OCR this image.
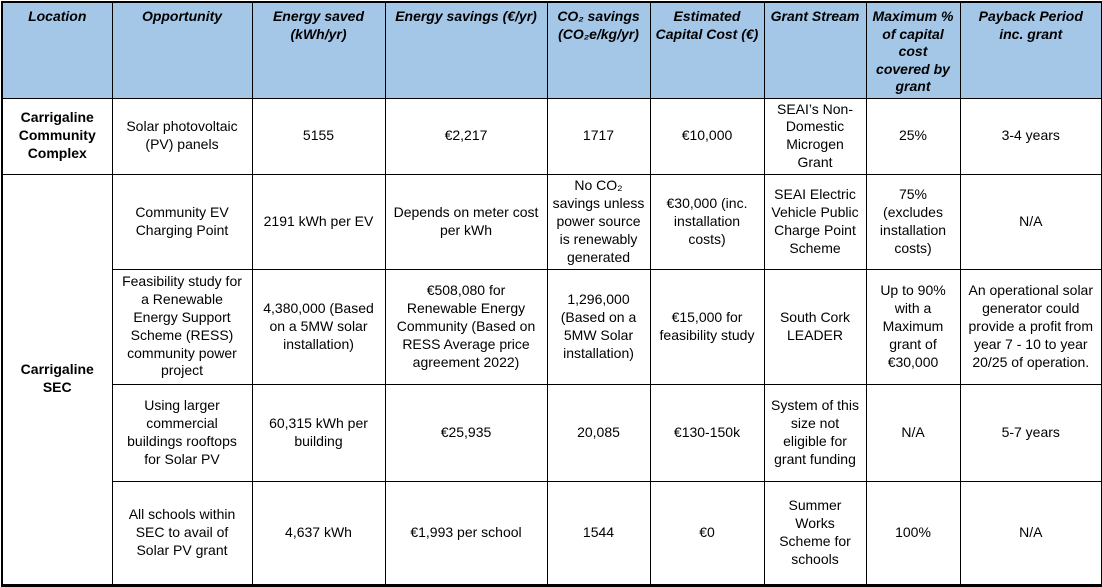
Location	Opportunity	Energy saved (kWh/yr)	Energy savings (€/yr)	CO₂ savings (CO₂e/kg/yr)	Estimated Capital Cost (€)	Grant Stream	Maximum % of capital cost covered by grant	Payback Period inc. grant
Carrigaline Community Complex	Solar photovoltaic (PV) panels	5155	€2,217	1717	€10,000	SEAI’s Non-Domestic Microgen Grant	25%	3-4 years
Carrigaline SEC	Community EV Charging Point	2191 kWh per EV	Depends on meter cost per kWh	No CO₂ savings unless power source is renewably generated	€30,000 (inc. installation costs)	SEAI Electric Vehicle Public Charge Point Scheme	75% (excludes installation costs)	N/A
	Feasibility study for a Renewable Energy Support Scheme (RESS) community power project	4,380,000 (Based on a 5MW solar installation)	€508,080 for Renewable Energy Community (Based on RESS Average price agreement 2022)	1,296,000 (Based on a 5MW Solar installation)	€15,000 for feasibility study	South Cork LEADER	Up to 90% with a Maximum grant of €30,000	An operational solar generator could provide a profit from year 7 - 10 to year 20/25 of operation.
	Using larger commercial buildings rooftops for Solar PV	60,315 kWh per building	€25,935	20,085	€130-150k	System of this size not eligible for grant funding	N/A	5-7 years
	All schools within SEC to avail of Solar PV grant	4,637 kWh	€1,993 per school	1544	€0	Summer Works Scheme for schools	100%	N/A
